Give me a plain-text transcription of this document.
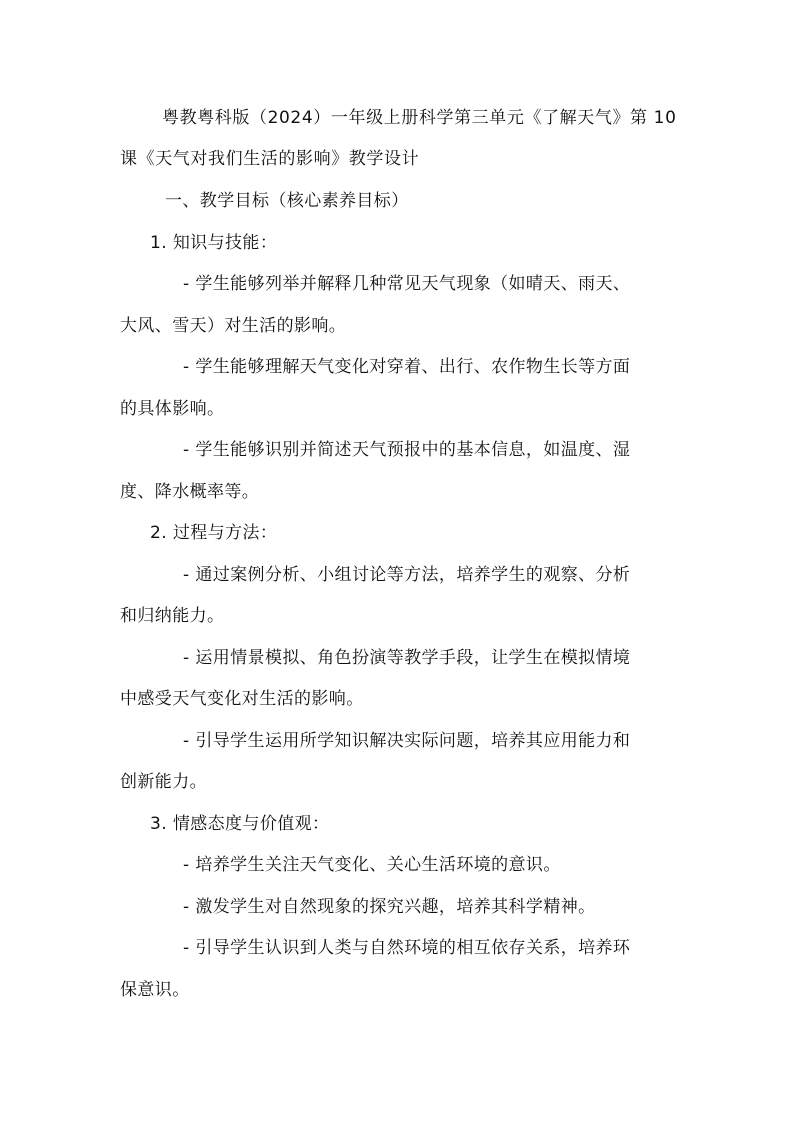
粤教粤科版（2024）一年级上册科学第三单元《了解天气》第 10
课《天气对我们生活的影响》教学设计
一、教学目标（核心素养目标）
1. 知识与技能：
- 学生能够列举并解释几种常见天气现象（如晴天、雨天、
大风、雪天）对生活的影响。
- 学生能够理解天气变化对穿着、出行、农作物生长等方面
的具体影响。
- 学生能够识别并简述天气预报中的基本信息，如温度、湿
度、降水概率等。
2. 过程与方法：
- 通过案例分析、小组讨论等方法，培养学生的观察、分析
和归纳能力。
- 运用情景模拟、角色扮演等教学手段，让学生在模拟情境
中感受天气变化对生活的影响。
- 引导学生运用所学知识解决实际问题，培养其应用能力和
创新能力。
3. 情感态度与价值观：
- 培养学生关注天气变化、关心生活环境的意识。
- 激发学生对自然现象的探究兴趣，培养其科学精神。
- 引导学生认识到人类与自然环境的相互依存关系，培养环
保意识。
